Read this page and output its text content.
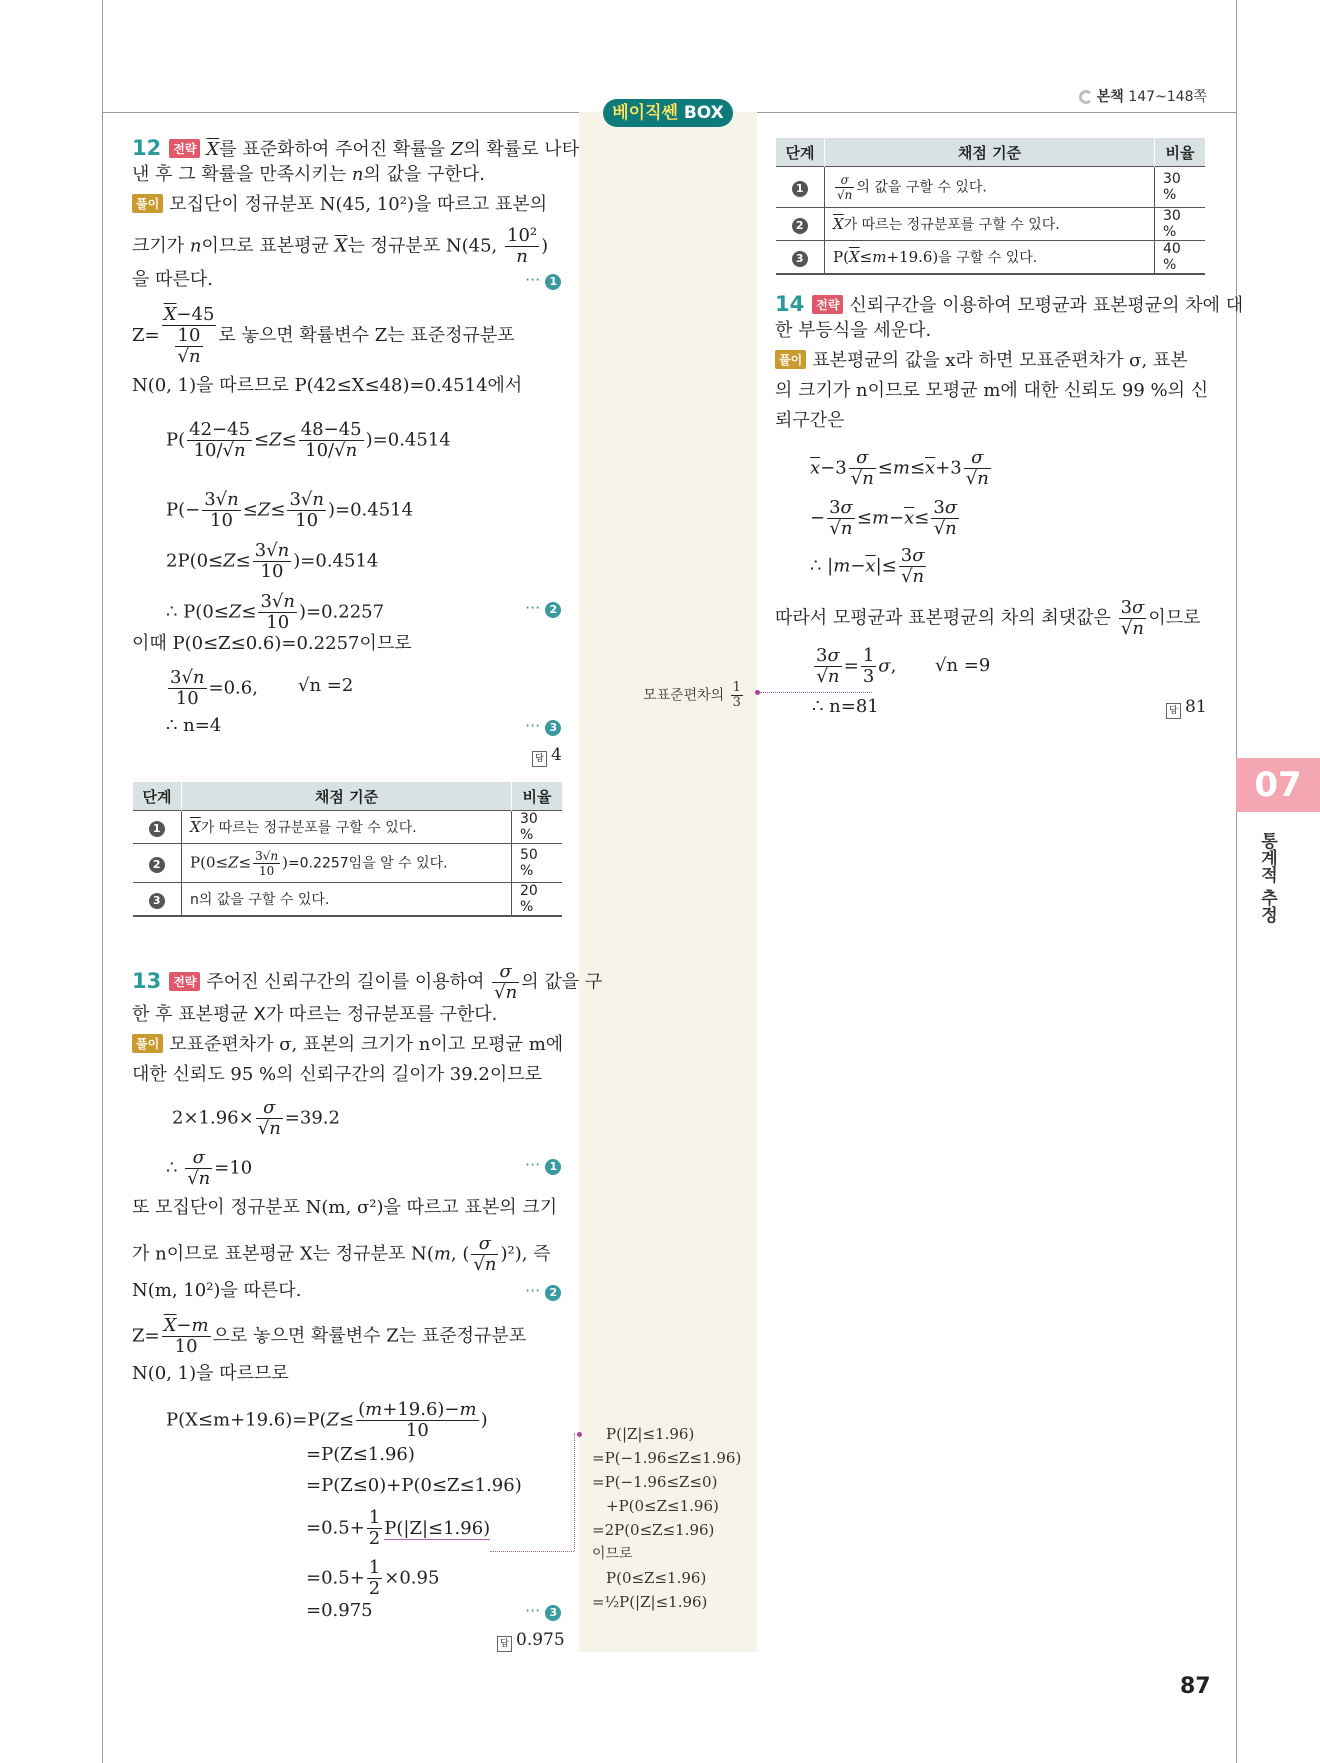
본책 147~148쪽
베이직쎈 BOX
12 전략 $\overline{X}$를 표준화하여 주어진 확률을 Z의 확률로 나타
낸 후 그 확률을 만족시키는 n의 값을 구한다.
풀이 모집단이 정규분포 N(45, 10²)을 따르고 표본의
크기가 n이므로 표본평균 $\overline{X}$는 정규분포 N(45, $\frac{\text{10²}}{n}$ )
을 따른다.	··· 1
$Z= \frac{\overline{X}-45}{\frac{10}{√n}}$ 로 놓으면 확률변수 Z는 표준정규분포
N(0, 1)을 따르므로 P(42≤X≤48)=0.4514에서
$P( \frac{42-45}{10/√n} \le Z\le \frac{48-45}{10/√n} )=0.4514$
$P(- \frac{3√n}{10} \le Z\le \frac{3√n}{10} )=0.4514$
$2P(0\le Z\le \frac{3√n}{10} )=0.4514$
∴ $P(0\le Z\le \frac{3√n}{10} )=0.2257$	··· 2
이때 P(0≤Z≤0.6)=0.2257이므로
$\frac{3√n}{10} =0.6$, √n =2
∴ n=4	··· 3
답 4
단계	채점 기준	비율
1	$\overline{X}$가 따르는 정규분포를 구할 수 있다.	30 %
2	$P(0\le Z\le \frac{3√n}{10} )=0.2257$임을 알 수 있다.	50 %
3	n의 값을 구할 수 있다.	20 %
13 전략 주어진 신뢰구간의 길이를 이용하여 $\frac{\sigma}{√n}$ 의 값을 구
한 후 표본평균 X가 따르는 정규분포를 구한다.
풀이 모표준편차가 σ, 표본의 크기가 n이고 모평균 m에
대한 신뢰도 95 %의 신뢰구간의 길이가 39.2이므로
$2\times 1.96\times \frac{\sigma}{√n} =39.2$
∴ $\frac{\sigma}{√n} =10$	··· 1
또 모집단이 정규분포 N(m, σ²)을 따르고 표본의 크기
가 n이므로 표본평균 X는 정규분포 N(m, ( $\frac{\sigma}{√n} )^2$), 즉
N(m, 10²)을 따른다.	··· 2
$Z= \frac{\overline{X}-m}{10}$ 으로 놓으면 확률변수 Z는 표준정규분포
N(0, 1)을 따르므로
$P(X\le m+19.6)=P(Z\le \frac{(m+19.6)-m}{10}$ )
=P(Z≤1.96)
=P(Z≤0)+P(0≤Z≤1.96)
$=0.5+ \frac{1}{2} P(|Z|\le 1.96)$
$=0.5+ \frac{1}{2} \times 0.95$
=0.975	··· 3
답 0.975
P(|Z|≤1.96)
=P(−1.96≤Z≤1.96)
=P(−1.96≤Z≤0)
+P(0≤Z≤1.96)
=2P(0≤Z≤1.96)
이므로
P(0≤Z≤1.96)
=½P(|Z|≤1.96)
모표준편차의 $\frac{1}{3}$
단계	채점 기준	비율
1	$\frac{\sigma}{√n}$ 의 값을 구할 수 있다.	30 %
2	$\overline{X}$가 따르는 정규분포를 구할 수 있다.	30 %
3	$P(\overline{X}\le m+19.6)$을 구할 수 있다.	40 %
14 전략 신뢰구간을 이용하여 모평균과 표본평균의 차에 대
한 부등식을 세운다.
풀이 표본평균의 값을 x라 하면 모표준편차가 σ, 표본
의 크기가 n이므로 모평균 m에 대한 신뢰도 99 %의 신
뢰구간은
$\overline{x}-3 \frac{\sigma}{√n} \le m\le\overline{x}+3 \frac{\sigma}{√n}$
− $\frac{3\sigma}{√n} \le m-\overline{x}\le \frac{3\sigma}{√n}$
∴ $|m-\overline{x}|\le \frac{3\sigma}{√n}$
따라서 모평균과 표본평균의 차의 최댓값은 $\frac{3\sigma}{√n}$ 이므로
$\frac{3\sigma}{√n} = \frac{1}{3} \sigma$, √n =9
∴ n=81	답 81
07
통계적 추정
87
